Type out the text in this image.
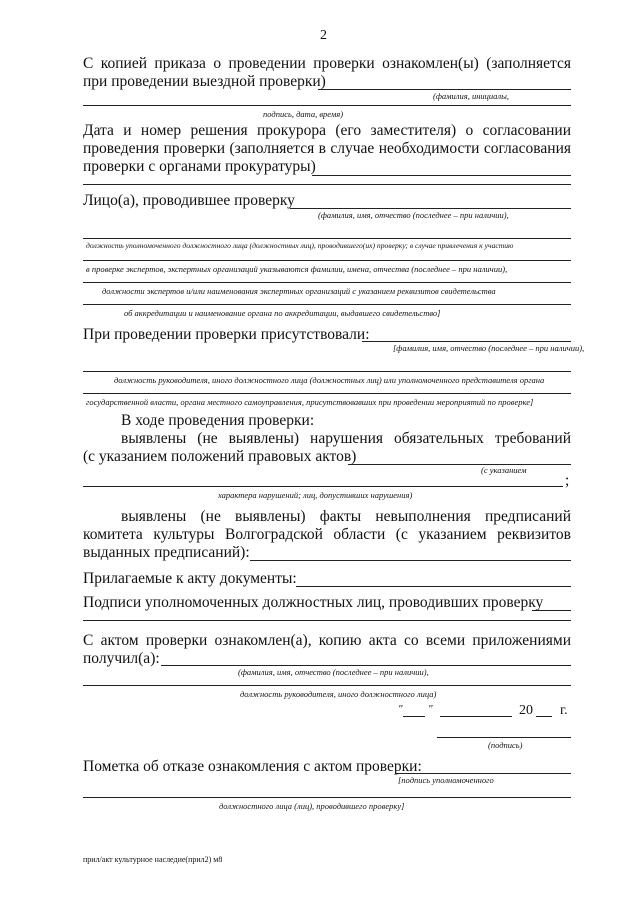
2
С копией приказа о проведении проверки ознакомлен(ы) (заполняется
при проведении выездной проверки)
(фамилия, инициалы,
подпись, дата, время)
Дата и номер решения прокурора (его заместителя) о согласовании
проведения проверки (заполняется в случае необходимости согласования
проверки с органами прокуратуры)
Лицо(а), проводившее проверку
(фамилия, имя, отчество (последнее – при наличии),
должность уполномоченного должностного лица (должностных лиц), проводившего(их) проверку; в случае привлечения к участию
в проверке экспертов, экспертных организаций указываются фамилии, имена, отчества (последнее – при наличии),
должности экспертов и/или наименования экспертных организаций с указанием реквизитов свидетельства
об аккредитации и наименование органа по аккредитации, выдавшего свидетельство]
При проведении проверки присутствовали:
[фамилия, имя, отчество (последнее – при наличии),
должность руководителя, иного должностного лица (должностных лиц) или уполномоченного представителя органа
государственной власти, органа местного самоуправления, присутствовавших при проведении мероприятий по проверке]
В ходе проведения проверки:
выявлены (не выявлены) нарушения обязательных требований
(с указанием положений правовых актов)
(с указанием
;
характера нарушений; лиц, допустивших нарушения)
выявлены (не выявлены) факты невыполнения предписаний
комитета культуры Волгоградской области (с указанием реквизитов
выданных предписаний):
Прилагаемые к акту документы:
Подписи уполномоченных должностных лиц, проводивших проверку
С актом проверки ознакомлен(а), копию акта со всеми приложениями
получил(а):
(фамилия, имя, отчество (последнее – при наличии),
должность руководителя, иного должностного лица)
" "	20 г.
(подпись)
Пометка об отказе ознакомления с актом проверки:
[подпись уполномоченного
должностного лица (лиц), проводившего проверку]
прил/акт культурное наследие(прил2) м8
